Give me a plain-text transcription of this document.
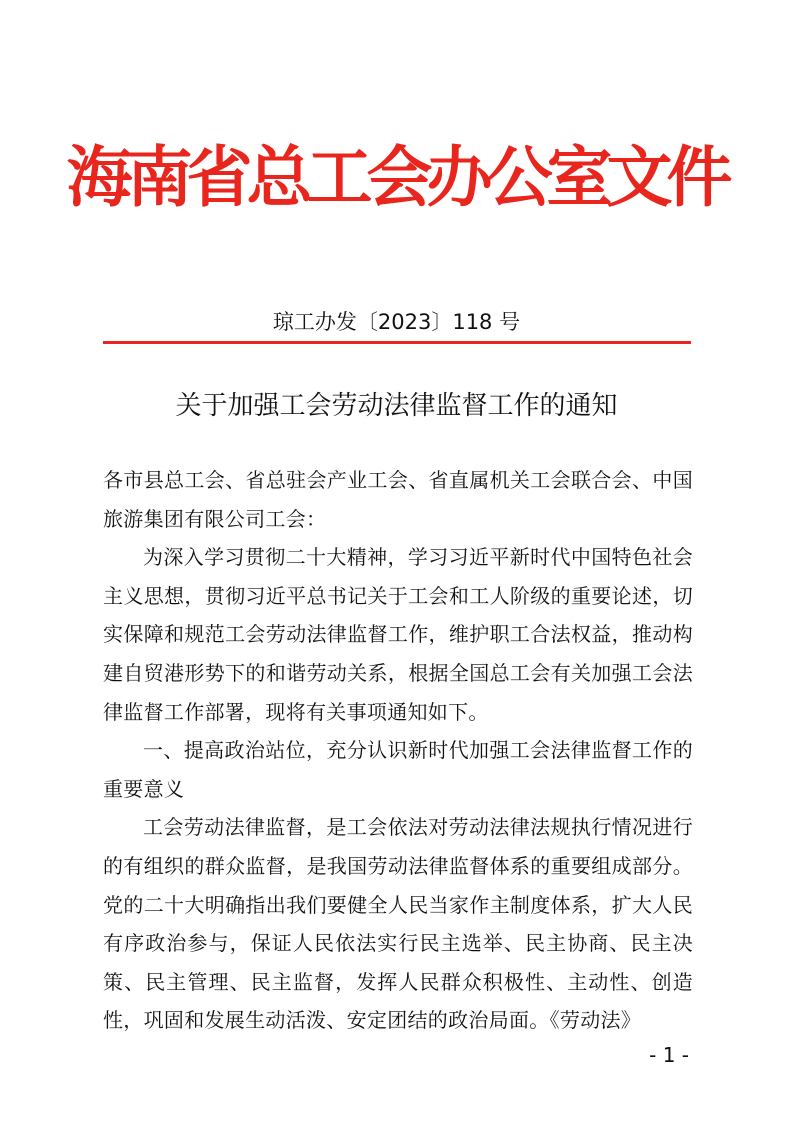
海南省总工会办公室文件
琼工办发〔2023〕118 号
关于加强工会劳动法律监督工作的通知

各市县总工会、省总驻会产业工会、省直属机关工会联合会、中国旅游集团有限公司工会：

为深入学习贯彻二十大精神，学习习近平新时代中国特色社会主义思想，贯彻习近平总书记关于工会和工人阶级的重要论述，切实保障和规范工会劳动法律监督工作，维护职工合法权益，推动构建自贸港形势下的和谐劳动关系，根据全国总工会有关加强工会法律监督工作部署，现将有关事项通知如下。

一、提高政治站位，充分认识新时代加强工会法律监督工作的重要意义

工会劳动法律监督，是工会依法对劳动法律法规执行情况进行的有组织的群众监督，是我国劳动法律监督体系的重要组成部分。党的二十大明确指出我们要健全人民当家作主制度体系，扩大人民有序政治参与，保证人民依法实行民主选举、民主协商、民主决策、民主管理、民主监督，发挥人民群众积极性、主动性、创造性，巩固和发展生动活泼、安定团结的政治局面。《劳动法》

- 1 -
